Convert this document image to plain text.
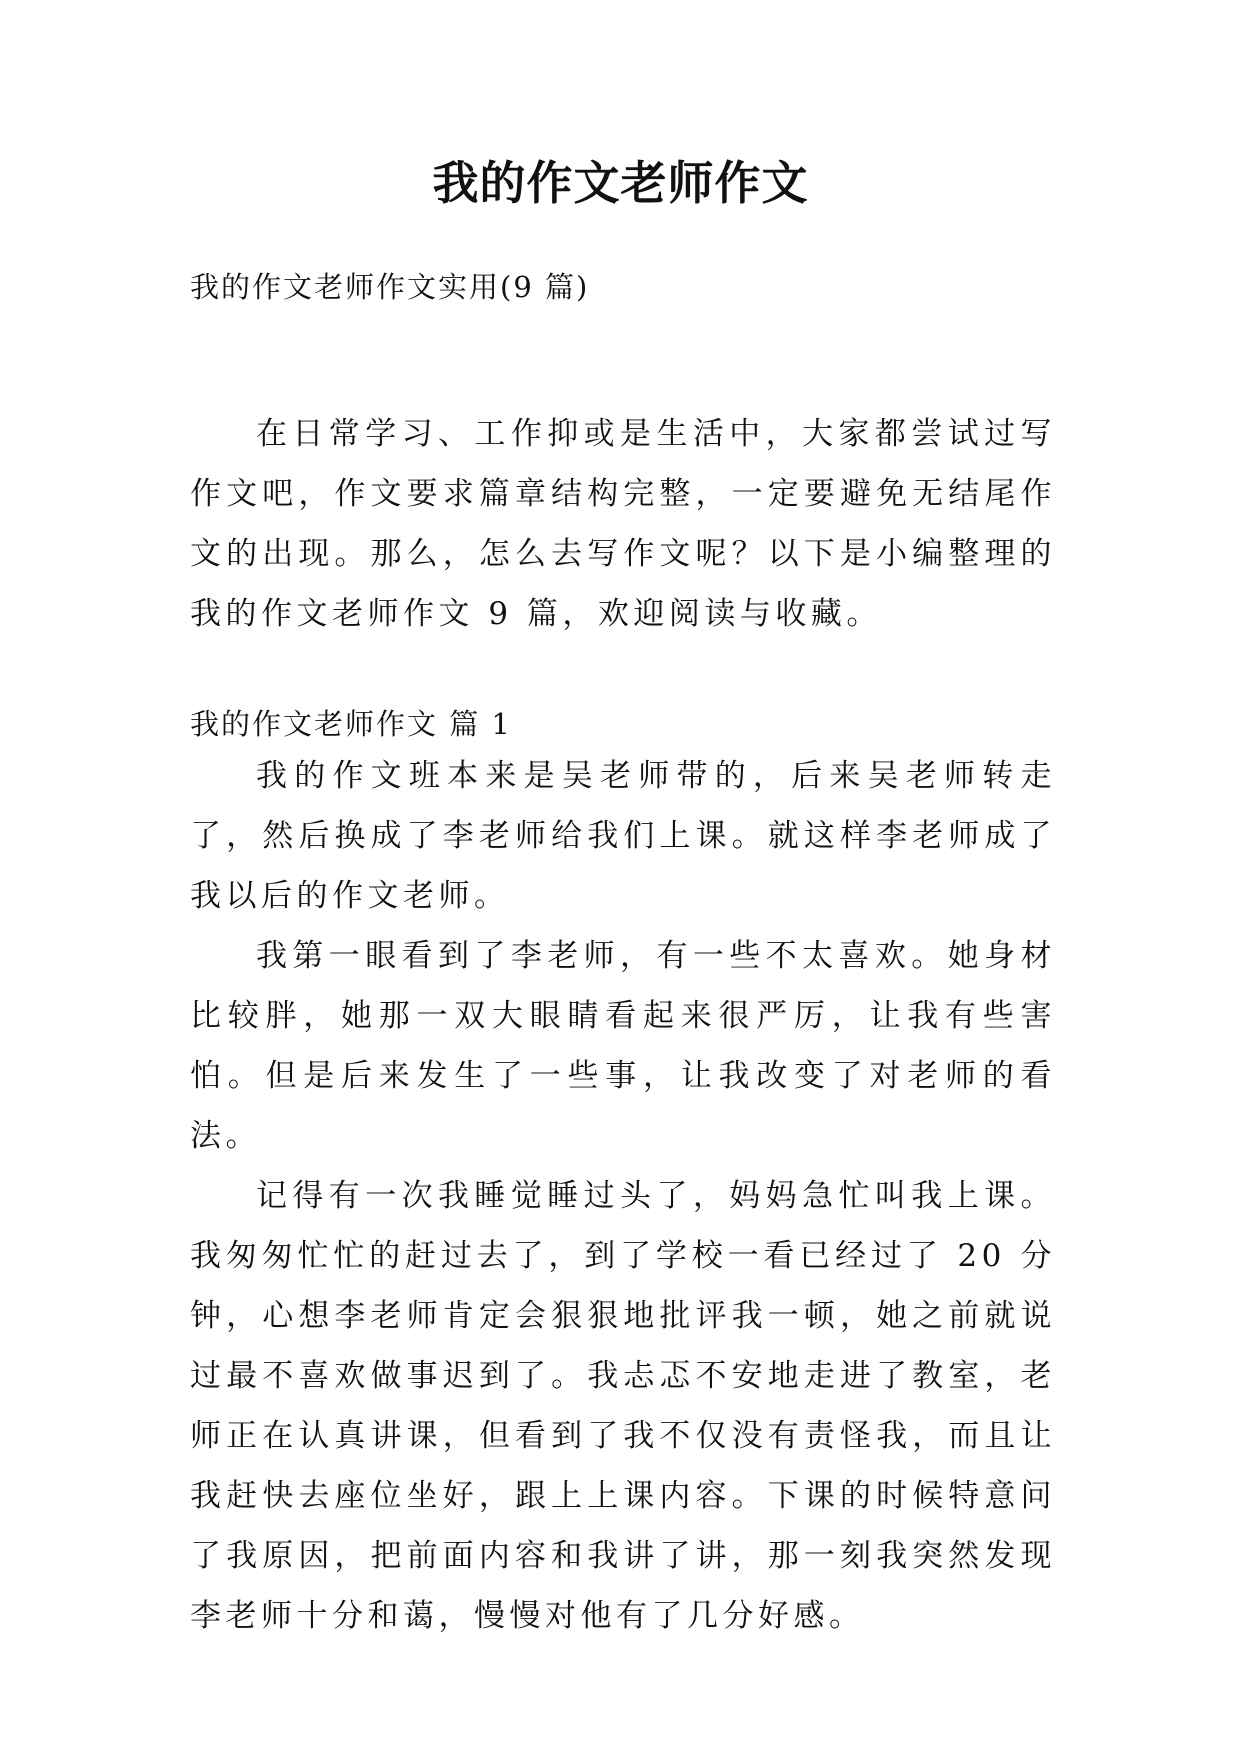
我的作文老师作文
我的作文老师作文实用(9 篇)

在日常学习、工作抑或是生活中，大家都尝试过写作文吧，作文要求篇章结构完整，一定要避免无结尾作文的出现。那么，怎么去写作文呢？以下是小编整理的我的作文老师作文 9 篇，欢迎阅读与收藏。

我的作文老师作文 篇 1

我的作文班本来是吴老师带的，后来吴老师转走了，然后换成了李老师给我们上课。就这样李老师成了我以后的作文老师。

我第一眼看到了李老师，有一些不太喜欢。她身材比较胖，她那一双大眼睛看起来很严厉，让我有些害怕。但是后来发生了一些事，让我改变了对老师的看法。

记得有一次我睡觉睡过头了，妈妈急忙叫我上课。我匆匆忙忙的赶过去了，到了学校一看已经过了 20 分钟，心想李老师肯定会狠狠地批评我一顿，她之前就说过最不喜欢做事迟到了。我忐忑不安地走进了教室，老师正在认真讲课，但看到了我不仅没有责怪我，而且让我赶快去座位坐好，跟上上课内容。下课的时候特意问了我原因，把前面内容和我讲了讲，那一刻我突然发现李老师十分和蔼，慢慢对他有了几分好感。
